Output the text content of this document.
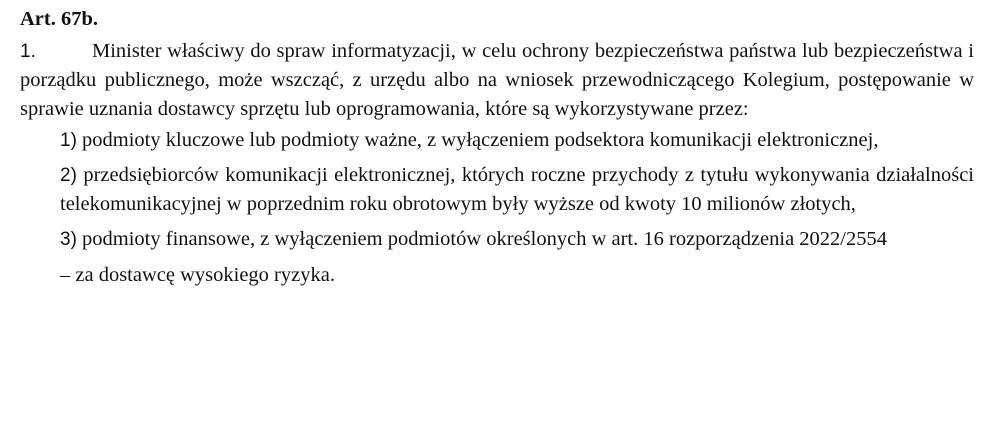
Art. 67b.

1.	Minister właściwy do spraw informatyzacji, w celu ochrony bezpieczeństwa państwa lub bezpieczeństwa i porządku publicznego, może wszcząć, z urzędu albo na wniosek przewodniczącego Kolegium, postępowanie w sprawie uznania dostawcy sprzętu lub oprogramowania, które są wykorzystywane przez:

1) podmioty kluczowe lub podmioty ważne, z wyłączeniem podsektora komunikacji elektronicznej,

2) przedsiębiorców komunikacji elektronicznej, których roczne przychody z tytułu wykonywania działalności telekomunikacyjnej w poprzednim roku obrotowym były wyższe od kwoty 10 milionów złotych,

3) podmioty finansowe, z wyłączeniem podmiotów określonych w art. 16 rozporządzenia 2022/2554

– za dostawcę wysokiego ryzyka.
